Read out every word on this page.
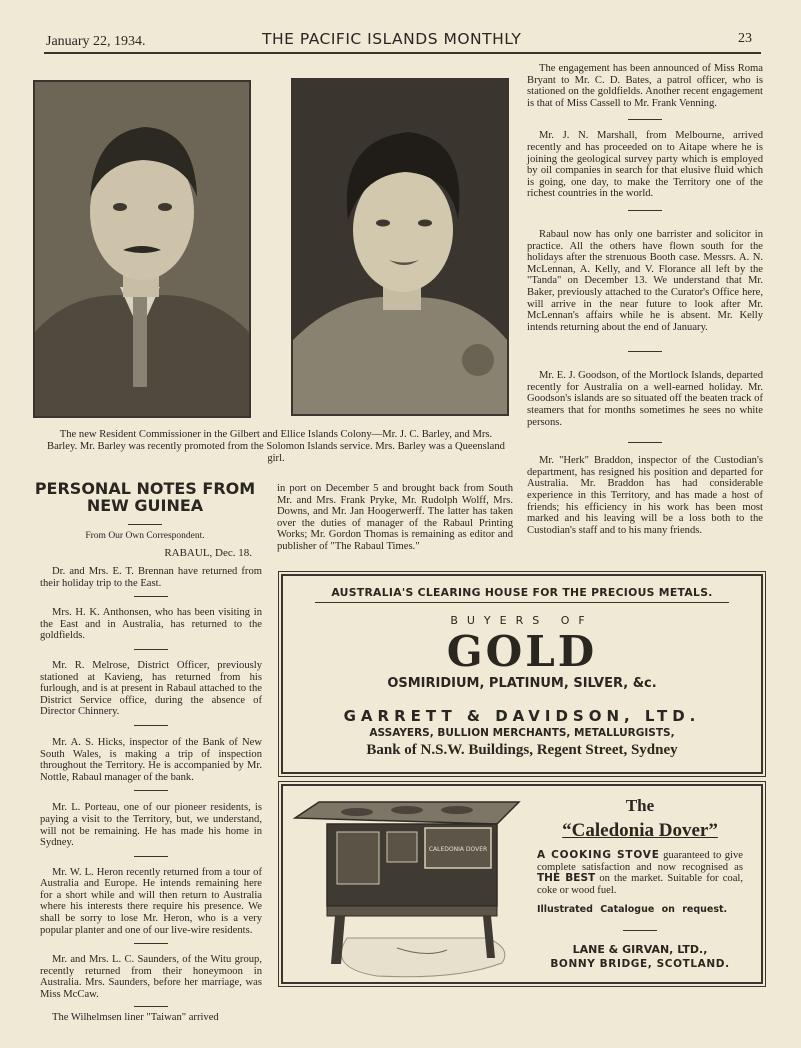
January 22, 1934.	THE PACIFIC ISLANDS MONTHLY	23
The new Resident Commissioner in the Gilbert and Ellice Islands Colony—Mr. J. C. Barley, and Mrs. Barley. Mr. Barley was recently promoted from the Solomon Islands service. Mrs. Barley was a Queensland girl.

The engagement has been announced of Miss Roma Bryant to Mr. C. D. Bates, a patrol officer, who is stationed on the goldfields. Another recent engagement is that of Miss Cassell to Mr. Frank Venning.

Mr. J. N. Marshall, from Melbourne, arrived recently and has proceeded on to Aitape where he is joining the geological survey party which is employed by oil companies in search for that elusive fluid which is going, one day, to make the Territory one of the richest countries in the world.

Rabaul now has only one barrister and solicitor in practice. All the others have flown south for the holidays after the strenuous Booth case. Messrs. A. N. McLennan, A. Kelly, and V. Florance all left by the "Tanda" on December 13. We understand that Mr. Baker, previously attached to the Curator's Office here, will arrive in the near future to look after Mr. McLennan's affairs while he is absent. Mr. Kelly intends returning about the end of January.

Mr. E. J. Goodson, of the Mortlock Islands, departed recently for Australia on a well-earned holiday. Mr. Goodson's islands are so situated off the beaten track of steamers that for months sometimes he sees no white persons.

Mr. "Herk" Braddon, inspector of the Custodian's department, has resigned his position and departed for Australia. Mr. Braddon has had considerable experience in this Territory, and has made a host of friends; his efficiency in his work has been most marked and his leaving will be a loss both to the Custodian's staff and to his many friends.

PERSONAL NOTES FROM NEW GUINEA
From Our Own Correspondent.
RABAUL, Dec. 18.

Dr. and Mrs. E. T. Brennan have returned from their holiday trip to the East.

Mrs. H. K. Anthonsen, who has been visiting in the East and in Australia, has returned to the goldfields.

Mr. R. Melrose, District Officer, previously stationed at Kavieng, has returned from his furlough, and is at present in Rabaul attached to the District Service office, during the absence of Director Chinnery.

Mr. A. S. Hicks, inspector of the Bank of New South Wales, is making a trip of inspection throughout the Territory. He is accompanied by Mr. Nottle, Rabaul manager of the bank.

Mr. L. Porteau, one of our pioneer residents, is paying a visit to the Territory, but, we understand, will not be remaining. He has made his home in Sydney.

Mr. W. L. Heron recently returned from a tour of Australia and Europe. He intends remaining here for a short while and will then return to Australia where his interests there require his presence. We shall be sorry to lose Mr. Heron, who is a very popular planter and one of our live-wire residents.

Mr. and Mrs. L. C. Saunders, of the Witu group, recently returned from their honeymoon in Australia. Mrs. Saunders, before her marriage, was Miss McCaw.

The Wilhelmsen liner "Taiwan" arrived

in port on December 5 and brought back from South Mr. and Mrs. Frank Pryke, Mr. Rudolph Wolff, Mrs. Downs, and Mr. Jan Hoogerwerff. The latter has taken over the duties of manager of the Rabaul Printing Works; Mr. Gordon Thomas is remaining as editor and publisher of "The Rabaul Times."

AUSTRALIA'S CLEARING HOUSE FOR THE PRECIOUS METALS.
BUYERS OF
GOLD
OSMIRIDIUM, PLATINUM, SILVER, &c.
GARRETT & DAVIDSON, LTD.
ASSAYERS, BULLION MERCHANTS, METALLURGISTS,
Bank of N.S.W. Buildings, Regent Street, Sydney
CALEDONIA DOVER
The
“Caledonia Dover”
A COOKING STOVE guaranteed to give complete satisfaction and now recognised as THE BEST on the market. Suitable for coal, coke or wood fuel.
Illustrated Catalogue on request.
LANE & GIRVAN, LTD.,
BONNY BRIDGE, SCOTLAND.
